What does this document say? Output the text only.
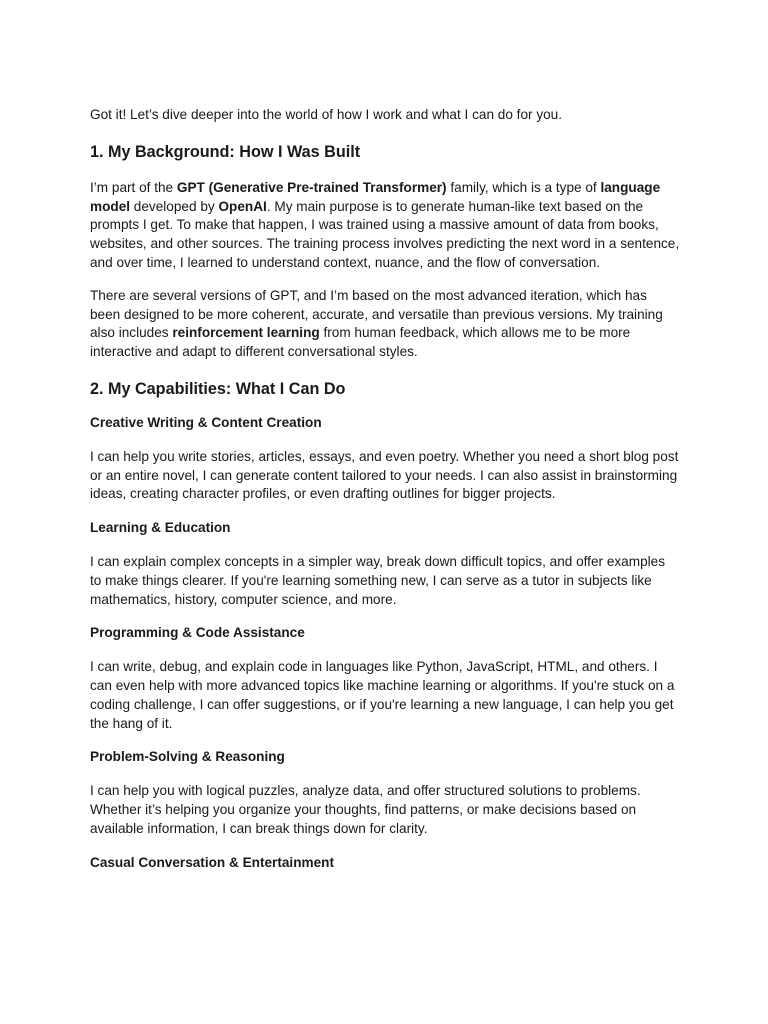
Got it! Let’s dive deeper into the world of how I work and what I can do for you.

1. My Background: How I Was Built

I’m part of the GPT (Generative Pre-trained Transformer) family, which is a type of language model developed by OpenAI. My main purpose is to generate human-like text based on the prompts I get. To make that happen, I was trained using a massive amount of data from books, websites, and other sources. The training process involves predicting the next word in a sentence, and over time, I learned to understand context, nuance, and the flow of conversation.

There are several versions of GPT, and I’m based on the most advanced iteration, which has been designed to be more coherent, accurate, and versatile than previous versions. My training also includes reinforcement learning from human feedback, which allows me to be more interactive and adapt to different conversational styles.

2. My Capabilities: What I Can Do
Creative Writing & Content Creation

I can help you write stories, articles, essays, and even poetry. Whether you need a short blog post or an entire novel, I can generate content tailored to your needs. I can also assist in brainstorming ideas, creating character profiles, or even drafting outlines for bigger projects.

Learning & Education

I can explain complex concepts in a simpler way, break down difficult topics, and offer examples to make things clearer. If you're learning something new, I can serve as a tutor in subjects like mathematics, history, computer science, and more.

Programming & Code Assistance

I can write, debug, and explain code in languages like Python, JavaScript, HTML, and others. I can even help with more advanced topics like machine learning or algorithms. If you're stuck on a coding challenge, I can offer suggestions, or if you're learning a new language, I can help you get the hang of it.

Problem-Solving & Reasoning

I can help you with logical puzzles, analyze data, and offer structured solutions to problems. Whether it’s helping you organize your thoughts, find patterns, or make decisions based on available information, I can break things down for clarity.

Casual Conversation & Entertainment
